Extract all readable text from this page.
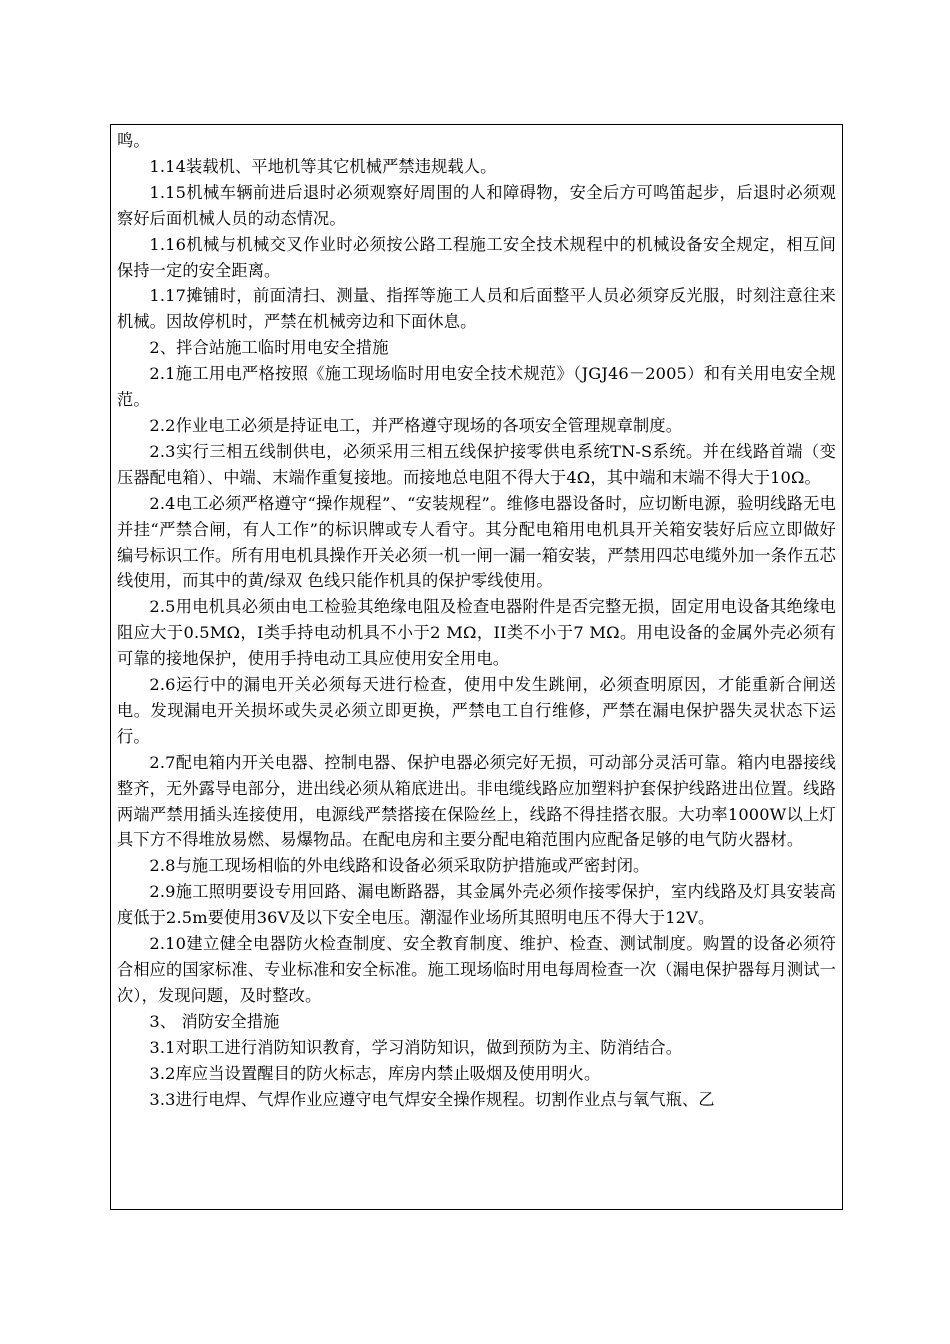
鸣。

1.14装载机、平地机等其它机械严禁违规载人。

1.15机械车辆前进后退时必须观察好周围的人和障碍物，安全后方可鸣笛起步，后退时必须观察好后面机械人员的动态情况。

1.16机械与机械交叉作业时必须按公路工程施工安全技术规程中的机械设备安全规定，相互间保持一定的安全距离。

1.17摊铺时，前面清扫、测量、指挥等施工人员和后面整平人员必须穿反光服，时刻注意往来机械。因故停机时，严禁在机械旁边和下面休息。

2、拌合站施工临时用电安全措施

2.1施工用电严格按照《施工现场临时用电安全技术规范》（JGJ46－2005）和有关用电安全规范。

2.2作业电工必须是持证电工，并严格遵守现场的各项安全管理规章制度。

2.3实行三相五线制供电，必须采用三相五线保护接零供电系统TN-S系统。并在线路首端（变压器配电箱）、中端、末端作重复接地。而接地总电阻不得大于4Ω，其中端和末端不得大于10Ω。

2.4电工必须严格遵守“操作规程”、“安装规程”。维修电器设备时，应切断电源，验明线路无电并挂“严禁合闸，有人工作”的标识牌或专人看守。其分配电箱用电机具开关箱安装好后应立即做好编号标识工作。所有用电机具操作开关必须一机一闸一漏一箱安装，严禁用四芯电缆外加一条作五芯线使用，而其中的黄/绿双 色线只能作机具的保护零线使用。

2.5用电机具必须由电工检验其绝缘电阻及检查电器附件是否完整无损，固定用电设备其绝缘电阻应大于0.5MΩ，I类手持电动机具不小于2 MΩ，II类不小于7 MΩ。用电设备的金属外壳必须有可靠的接地保护，使用手持电动工具应使用安全用电。

2.6运行中的漏电开关必须每天进行检查，使用中发生跳闸，必须查明原因，才能重新合闸送电。发现漏电开关损坏或失灵必须立即更换，严禁电工自行维修，严禁在漏电保护器失灵状态下运行。

2.7配电箱内开关电器、控制电器、保护电器必须完好无损，可动部分灵活可靠。箱内电器接线整齐，无外露导电部分，进出线必须从箱底进出。非电缆线路应加塑料护套保护线路进出位置。线路两端严禁用插头连接使用，电源线严禁搭接在保险丝上，线路不得挂搭衣服。大功率1000W以上灯具下方不得堆放易燃、易爆物品。在配电房和主要分配电箱范围内应配备足够的电气防火器材。

2.8与施工现场相临的外电线路和设备必须采取防护措施或严密封闭。

2.9施工照明要设专用回路、漏电断路器，其金属外壳必须作接零保护，室内线路及灯具安装高度低于2.5m要使用36V及以下安全电压。潮湿作业场所其照明电压不得大于12V。

2.10建立健全电器防火检查制度、安全教育制度、维护、检查、测试制度。购置的设备必须符合相应的国家标准、专业标准和安全标准。施工现场临时用电每周检查一次（漏电保护器每月测试一次），发现问题，及时整改。

3、 消防安全措施

3.1对职工进行消防知识教育，学习消防知识，做到预防为主、防消结合。

3.2库应当设置醒目的防火标志，库房内禁止吸烟及使用明火。

3.3进行电焊、气焊作业应遵守电气焊安全操作规程。切割作业点与氧气瓶、乙
